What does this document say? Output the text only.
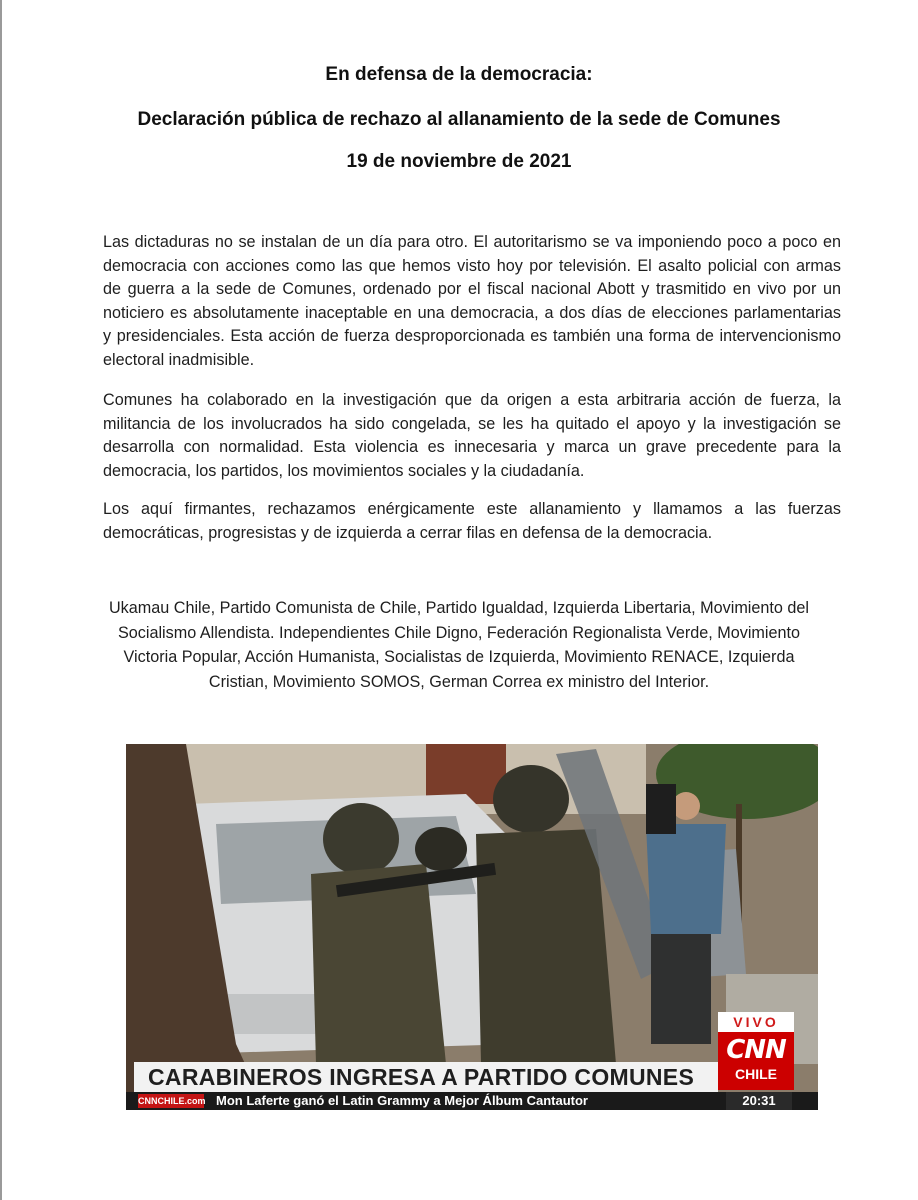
En defensa de la democracia:
Declaración pública de rechazo al allanamiento de la sede de Comunes
19 de noviembre de 2021
Las dictaduras no se instalan de un día para otro. El autoritarismo se va imponiendo poco a poco en
democracia con acciones como las que hemos visto hoy por televisión. El asalto policial con armas
de guerra a la sede de Comunes, ordenado por el fiscal nacional Abott y trasmitido en vivo por un
noticiero es absolutamente inaceptable en una democracia, a dos días de elecciones parlamentarias
y presidenciales. Esta acción de fuerza desproporcionada es también una forma de intervencionismo
electoral inadmisible.
Comunes ha colaborado en la investigación que da origen a esta arbitraria acción de fuerza, la
militancia de los involucrados ha sido congelada, se les ha quitado el apoyo y la investigación se
desarrolla con normalidad. Esta violencia es innecesaria y marca un grave precedente para la
democracia, los partidos, los movimientos sociales y la ciudadanía.
Los aquí firmantes, rechazamos enérgicamente este allanamiento y llamamos a las fuerzas
democráticas, progresistas y de izquierda a cerrar filas en defensa de la democracia.
Ukamau Chile, Partido Comunista de Chile, Partido Igualdad, Izquierda Libertaria, Movimiento del
Socialismo Allendista. Independientes Chile Digno, Federación Regionalista Verde, Movimiento
Victoria Popular, Acción Humanista, Socialistas de Izquierda, Movimiento RENACE, Izquierda
Cristian, Movimiento SOMOS, German Correa ex ministro del Interior.
CARABINEROS INGRESA A PARTIDO COMUNES
VIVO
CNN
CHILE
CNNCHILE.com Mon Laferte ganó el Latin Grammy a Mejor Álbum Cantautor	20:31
